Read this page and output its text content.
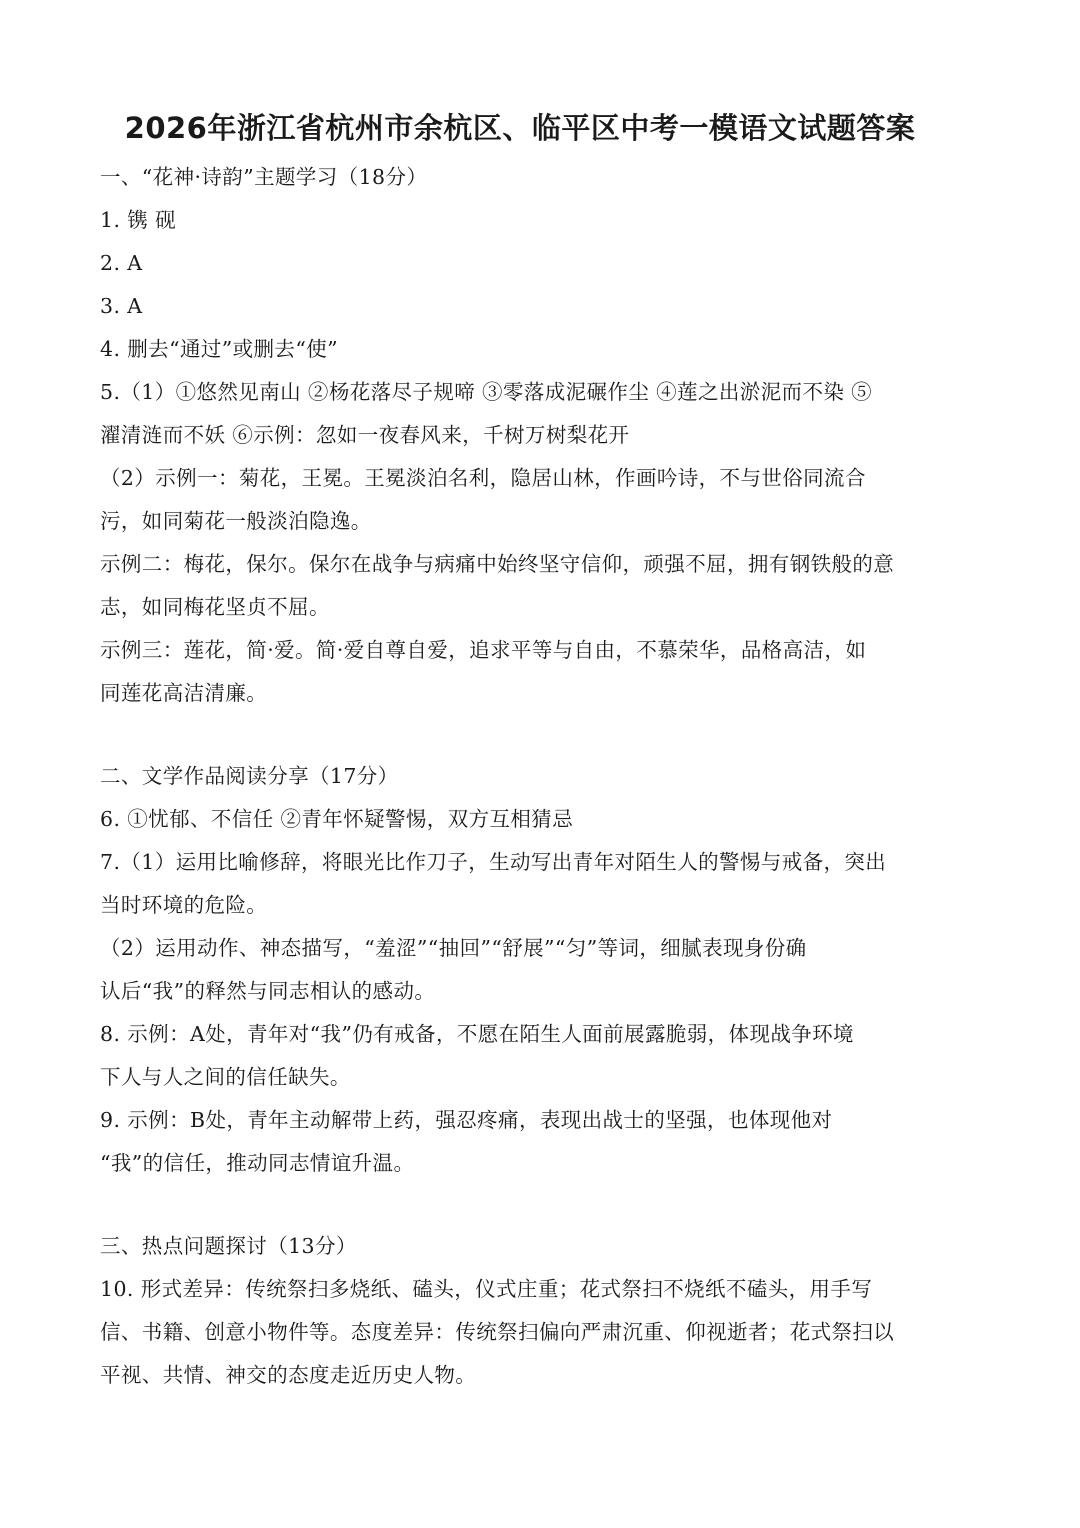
2026年浙江省杭州市余杭区、临平区中考一模语文试题答案

一、“花神·诗韵”主题学习（18分）

1. 镌 砚

2. A

3. A

4. 删去“通过”或删去“使”

5.（1）①悠然见南山 ②杨花落尽子规啼 ③零落成泥碾作尘 ④莲之出淤泥而不染 ⑤

濯清涟而不妖 ⑥示例：忽如一夜春风来，千树万树梨花开

（2）示例一：菊花，王冕。王冕淡泊名利，隐居山林，作画吟诗，不与世俗同流合

污，如同菊花一般淡泊隐逸。

示例二：梅花，保尔。保尔在战争与病痛中始终坚守信仰，顽强不屈，拥有钢铁般的意

志，如同梅花坚贞不屈。

示例三：莲花，简·爱。简·爱自尊自爱，追求平等与自由，不慕荣华，品格高洁，如

同莲花高洁清廉。

二、文学作品阅读分享（17分）

6. ①忧郁、不信任 ②青年怀疑警惕，双方互相猜忌

7.（1）运用比喻修辞，将眼光比作刀子，生动写出青年对陌生人的警惕与戒备，突出

当时环境的危险。

（2）运用动作、神态描写，“羞涩”“抽回”“舒展”“匀”等词，细腻表现身份确

认后“我”的释然与同志相认的感动。

8. 示例：A处，青年对“我”仍有戒备，不愿在陌生人面前展露脆弱，体现战争环境

下人与人之间的信任缺失。

9. 示例：B处，青年主动解带上药，强忍疼痛，表现出战士的坚强，也体现他对

“我”的信任，推动同志情谊升温。

三、热点问题探讨（13分）

10. 形式差异：传统祭扫多烧纸、磕头，仪式庄重；花式祭扫不烧纸不磕头，用手写

信、书籍、创意小物件等。态度差异：传统祭扫偏向严肃沉重、仰视逝者；花式祭扫以

平视、共情、神交的态度走近历史人物。
